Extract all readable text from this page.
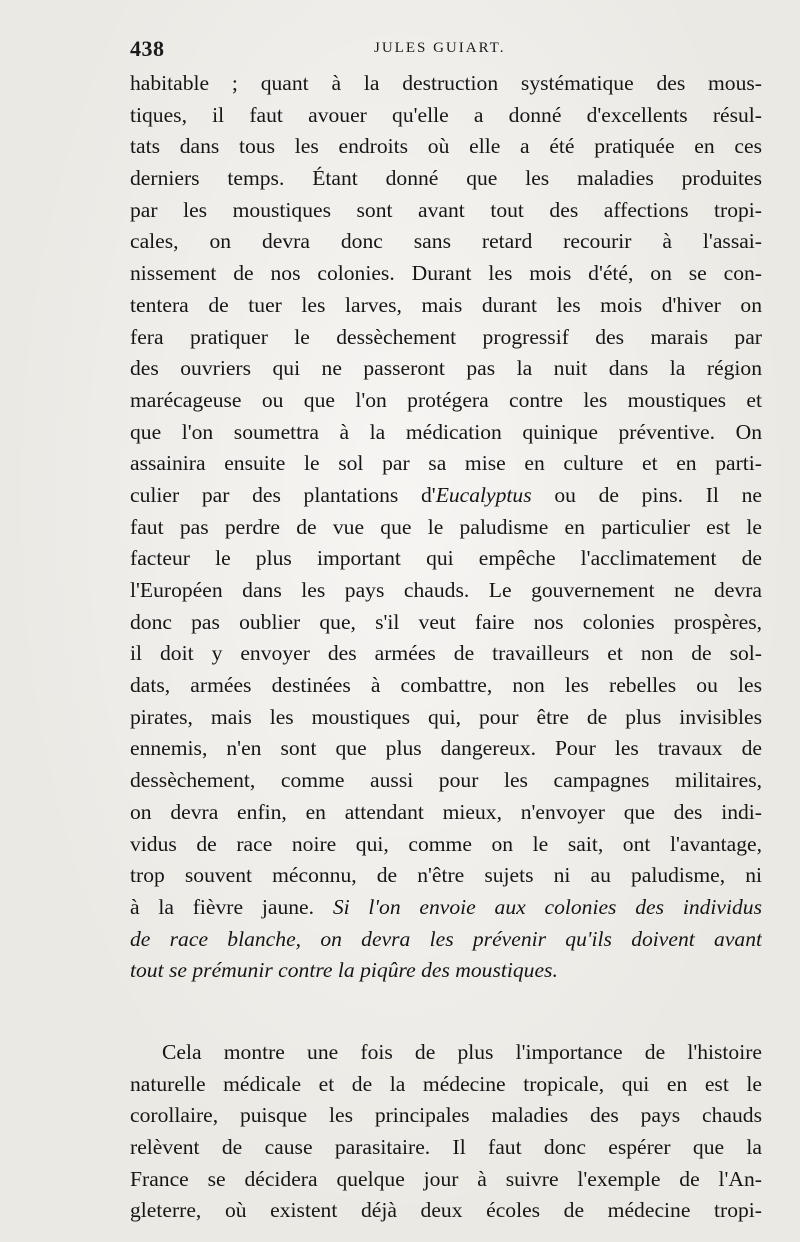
438	JULES GUIART.
habitable ; quant à la destruction systématique des mous-
tiques, il faut avouer qu'elle a donné d'excellents résul-
tats dans tous les endroits où elle a été pratiquée en ces
derniers temps. Étant donné que les maladies produites
par les moustiques sont avant tout des affections tropi-
cales, on devra donc sans retard recourir à l'assai-
nissement de nos colonies. Durant les mois d'été, on se con-
tentera de tuer les larves, mais durant les mois d'hiver on
fera pratiquer le dessèchement progressif des marais par
des ouvriers qui ne passeront pas la nuit dans la région
marécageuse ou que l'on protégera contre les moustiques et
que l'on soumettra à la médication quinique préventive. On
assainira ensuite le sol par sa mise en culture et en parti-
culier par des plantations d'Eucalyptus ou de pins. Il ne
faut pas perdre de vue que le paludisme en particulier est le
facteur le plus important qui empêche l'acclimatement de
l'Européen dans les pays chauds. Le gouvernement ne devra
donc pas oublier que, s'il veut faire nos colonies prospères,
il doit y envoyer des armées de travailleurs et non de sol-
dats, armées destinées à combattre, non les rebelles ou les
pirates, mais les moustiques qui, pour être de plus invisibles
ennemis, n'en sont que plus dangereux. Pour les travaux de
dessèchement, comme aussi pour les campagnes militaires,
on devra enfin, en attendant mieux, n'envoyer que des indi-
vidus de race noire qui, comme on le sait, ont l'avantage,
trop souvent méconnu, de n'être sujets ni au paludisme, ni
à la fièvre jaune. Si l'on envoie aux colonies des individus
de race blanche, on devra les prévenir qu'ils doivent avant
tout se prémunir contre la piqûre des moustiques.
Cela montre une fois de plus l'importance de l'histoire
naturelle médicale et de la médecine tropicale, qui en est le
corollaire, puisque les principales maladies des pays chauds
relèvent de cause parasitaire. Il faut donc espérer que la
France se décidera quelque jour à suivre l'exemple de l'An-
gleterre, où existent déjà deux écoles de médecine tropi-
